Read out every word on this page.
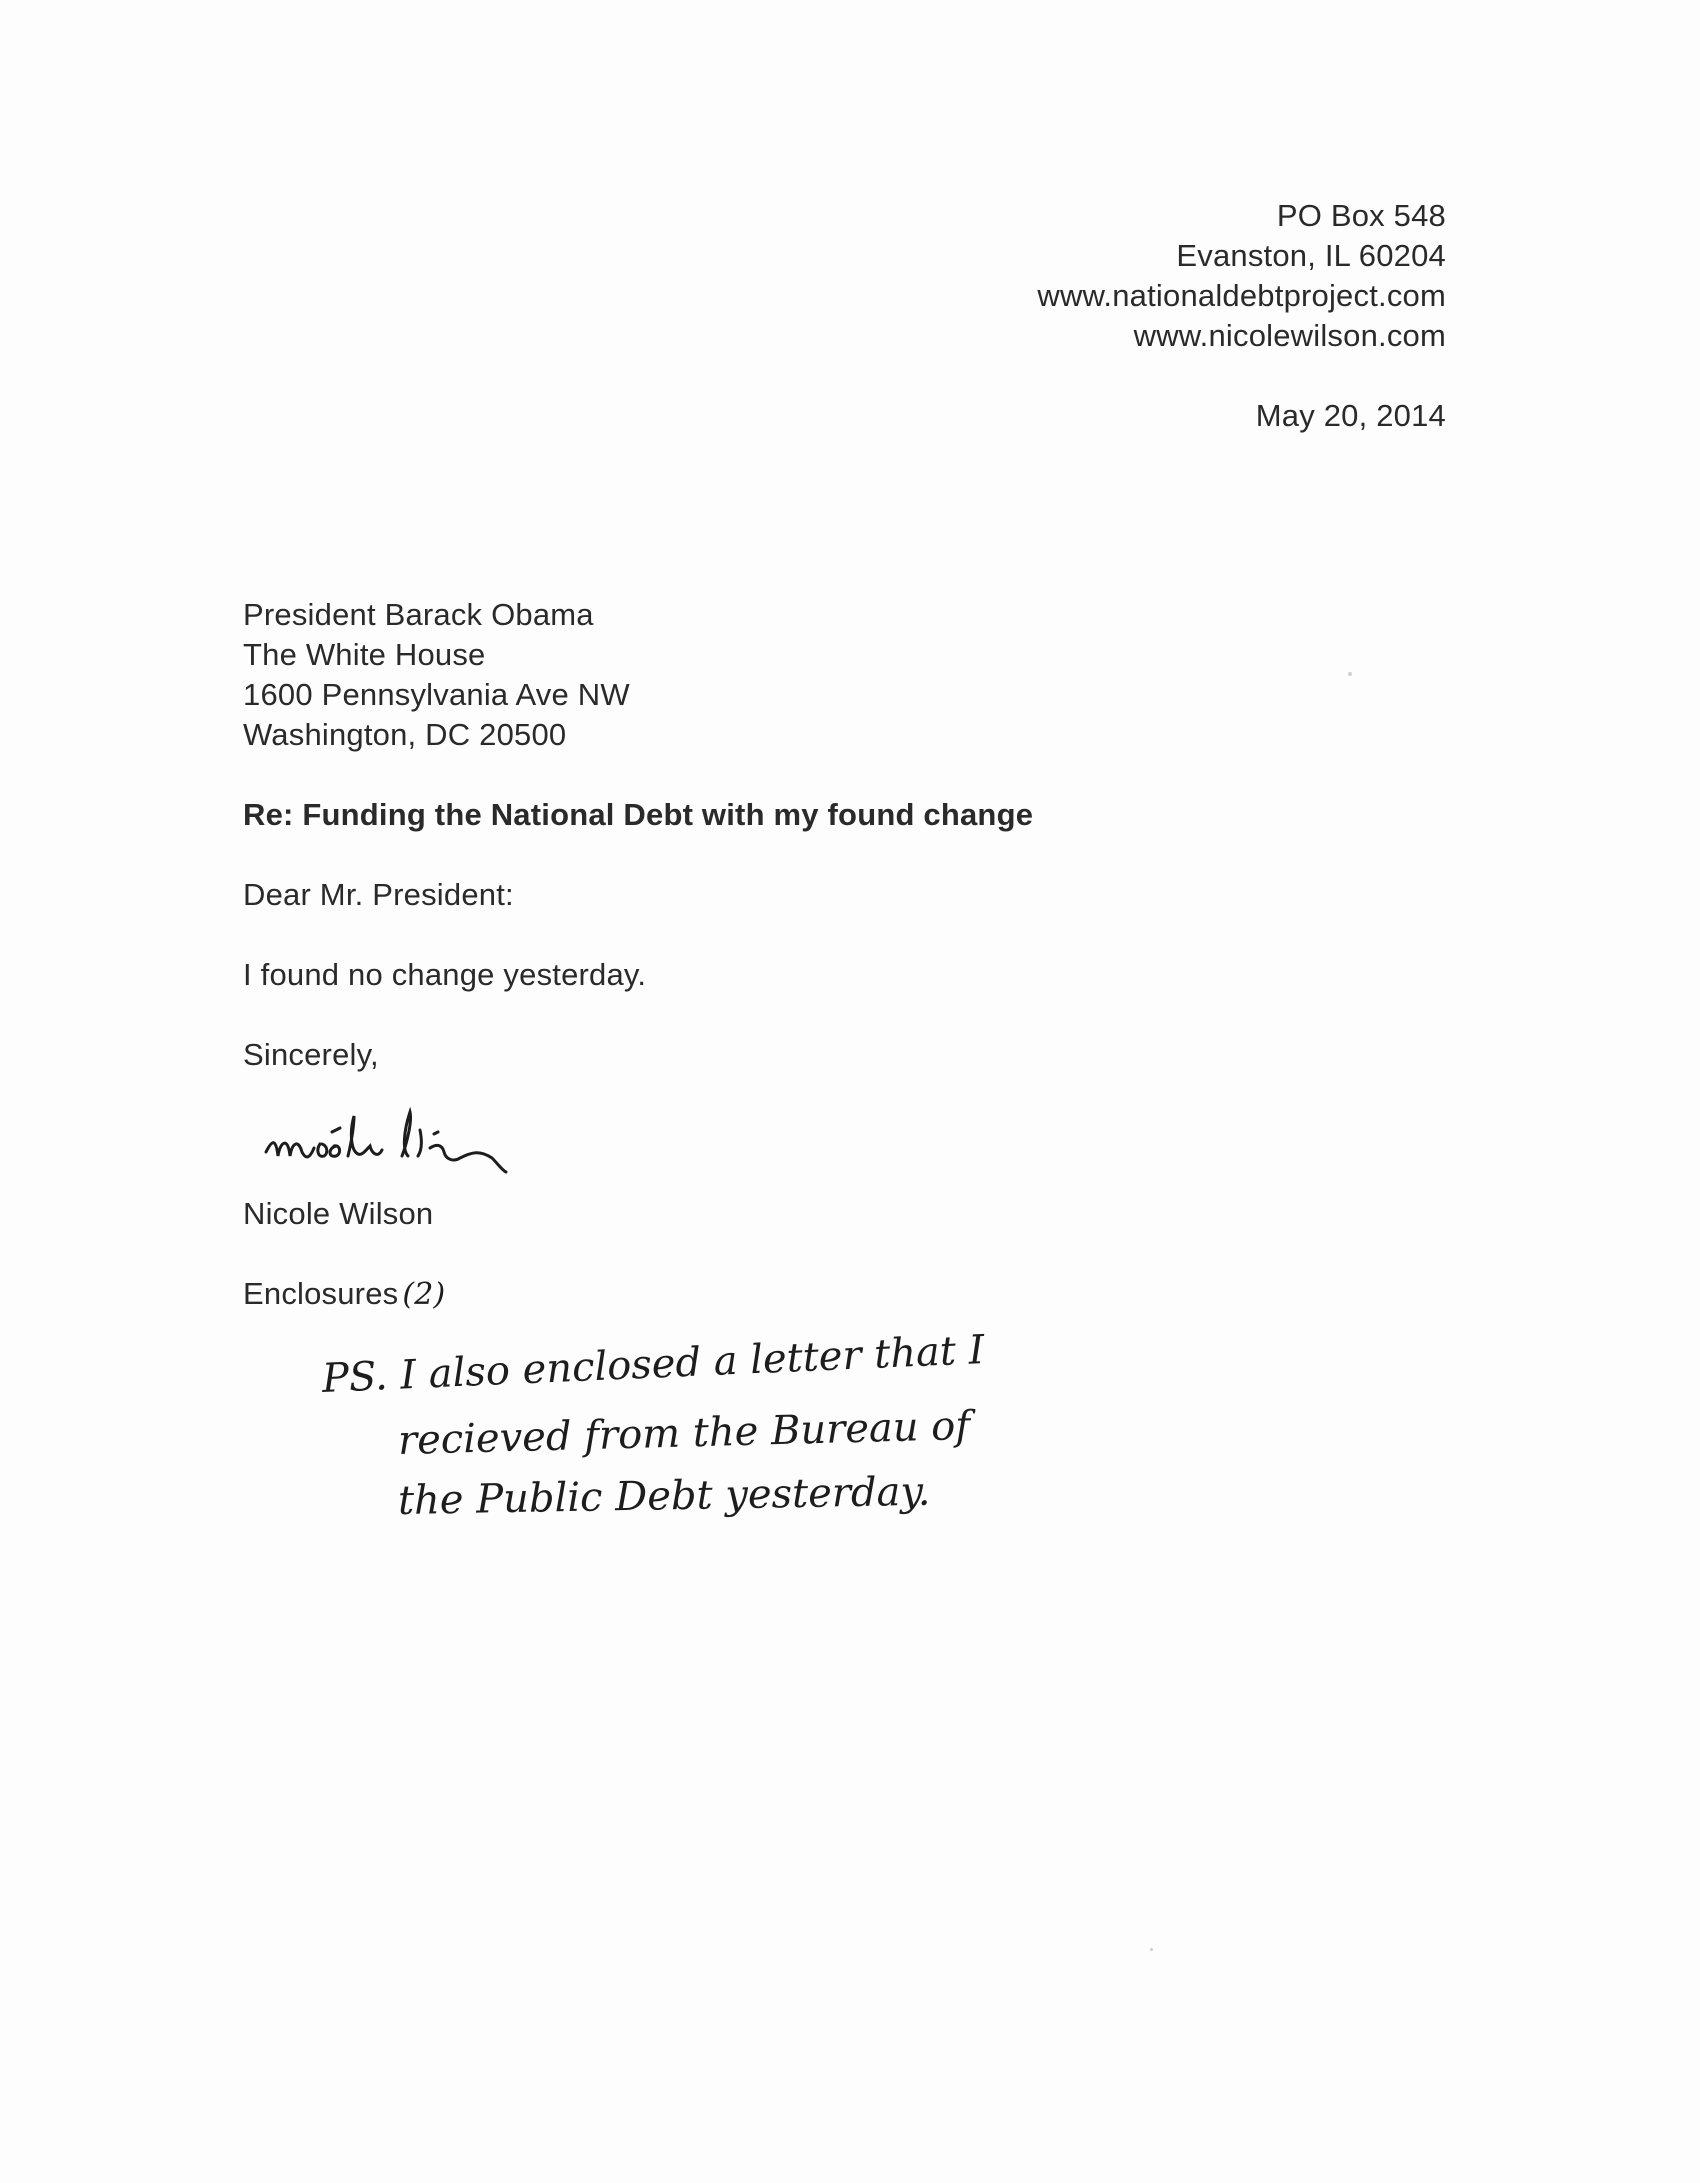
PO Box 548
Evanston, IL 60204
www.nationaldebtproject.com
www.nicolewilson.com
May 20, 2014
President Barack Obama
The White House
1600 Pennsylvania Ave NW
Washington, DC 20500
Re: Funding the National Debt with my found change
Dear Mr. President:
I found no change yesterday.
Sincerely,
Nicole Wilson
Enclosures (2)
PS. I also enclosed a letter that I
recieved from the Bureau of
the Public Debt yesterday.
